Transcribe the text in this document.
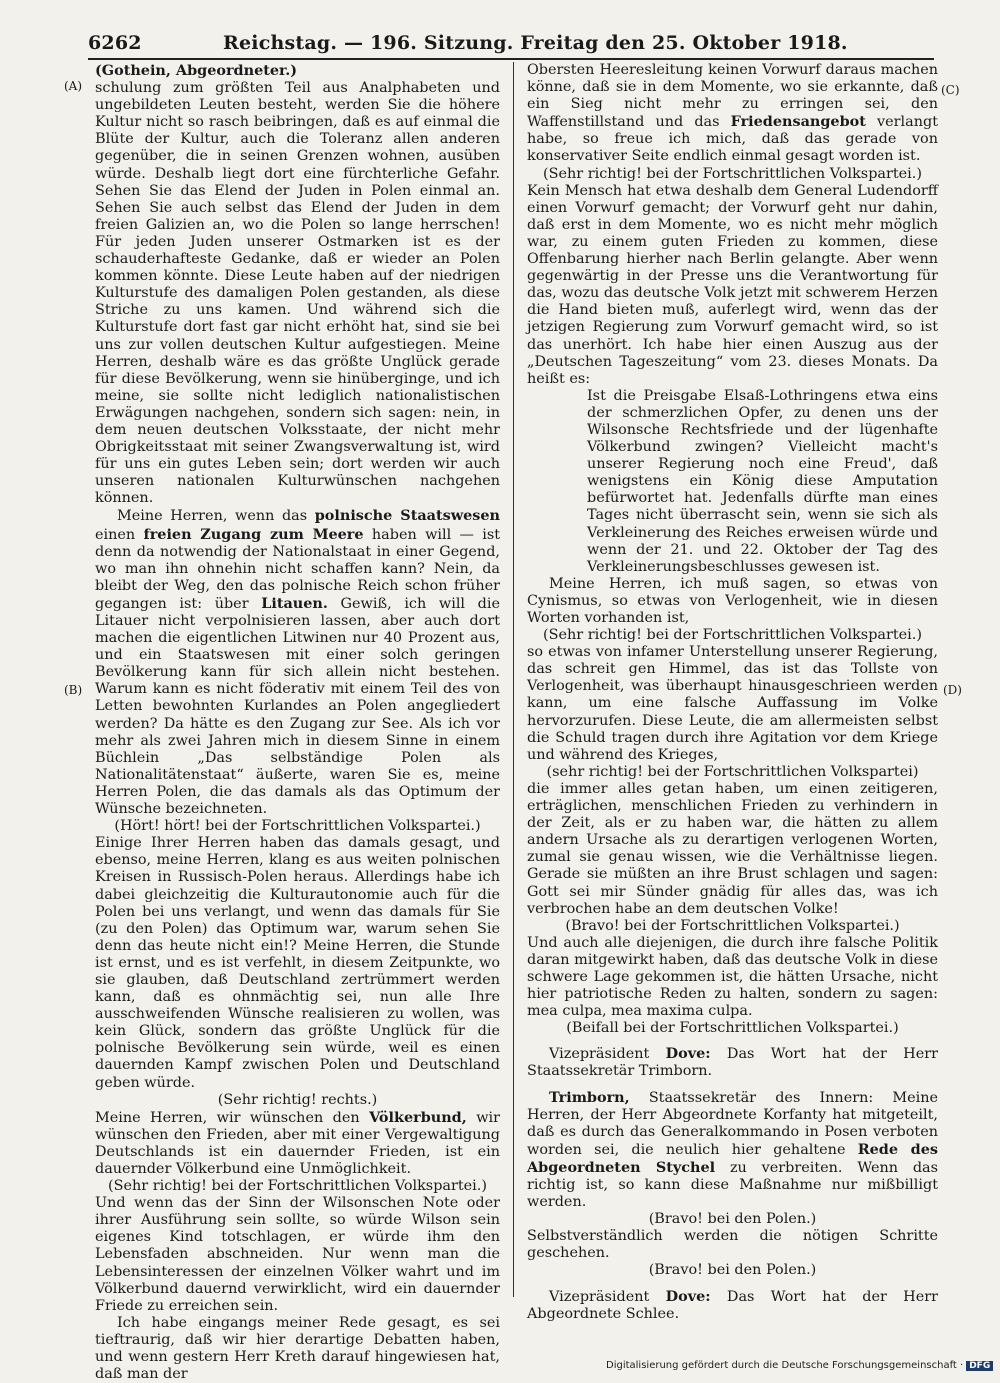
6262	Reichstag. — 196. Sitzung. Freitag den 25. Oktober 1918.
(A)
(B)
(C)
(D)

(Gothein, Abgeordneter.)

schulung zum größten Teil aus Analphabeten und ungebildeten Leuten besteht, werden Sie die höhere Kultur nicht so rasch beibringen, daß es auf einmal die Blüte der Kultur, auch die Toleranz allen anderen gegenüber, die in seinen Grenzen wohnen, ausüben würde. Deshalb liegt dort eine fürchterliche Gefahr. Sehen Sie das Elend der Juden in Polen einmal an. Sehen Sie auch selbst das Elend der Juden in dem freien Galizien an, wo die Polen so lange herrschen! Für jeden Juden unserer Ostmarken ist es der schauderhafteste Gedanke, daß er wieder an Polen kommen könnte. Diese Leute haben auf der niedrigen Kulturstufe des damaligen Polen gestanden, als diese Striche zu uns kamen. Und während sich die Kulturstufe dort fast gar nicht erhöht hat, sind sie bei uns zur vollen deutschen Kultur aufgestiegen. Meine Herren, deshalb wäre es das größte Unglück gerade für diese Bevölkerung, wenn sie hinüberginge, und ich meine, sie sollte nicht lediglich nationalistischen Erwägungen nachgehen, sondern sich sagen: nein, in dem neuen deutschen Volksstaate, der nicht mehr Obrigkeitsstaat mit seiner Zwangsverwaltung ist, wird für uns ein gutes Leben sein; dort werden wir auch unseren nationalen Kulturwünschen nachgehen können.

Meine Herren, wenn das polnische Staatswesen einen freien Zugang zum Meere haben will — ist denn da notwendig der Nationalstaat in einer Gegend, wo man ihn ohnehin nicht schaffen kann? Nein, da bleibt der Weg, den das polnische Reich schon früher gegangen ist: über Litauen. Gewiß, ich will die Litauer nicht verpolnisieren lassen, aber auch dort machen die eigentlichen Litwinen nur 40 Prozent aus, und ein Staatswesen mit einer solch geringen Bevölkerung kann für sich allein nicht bestehen. Warum kann es nicht föderativ mit einem Teil des von Letten bewohnten Kurlandes an Polen angegliedert werden? Da hätte es den Zugang zur See. Als ich vor mehr als zwei Jahren mich in diesem Sinne in einem Büchlein „Das selbständige Polen als Nationalitätenstaat“ äußerte, waren Sie es, meine Herren Polen, die das damals als das Optimum der Wünsche bezeichneten.

(Hört! hört! bei der Fortschrittlichen Volkspartei.)

Einige Ihrer Herren haben das damals gesagt, und ebenso, meine Herren, klang es aus weiten polnischen Kreisen in Russisch-Polen heraus. Allerdings habe ich dabei gleichzeitig die Kulturautonomie auch für die Polen bei uns verlangt, und wenn das damals für Sie (zu den Polen) das Optimum war, warum sehen Sie denn das heute nicht ein!? Meine Herren, die Stunde ist ernst, und es ist verfehlt, in diesem Zeitpunkte, wo sie glauben, daß Deutschland zertrümmert werden kann, daß es ohnmächtig sei, nun alle Ihre ausschweifenden Wünsche realisieren zu wollen, was kein Glück, sondern das größte Unglück für die polnische Bevölkerung sein würde, weil es einen dauernden Kampf zwischen Polen und Deutschland geben würde.

(Sehr richtig! rechts.)

Meine Herren, wir wünschen den Völkerbund, wir wünschen den Frieden, aber mit einer Vergewaltigung Deutschlands ist ein dauernder Frieden, ist ein dauernder Völkerbund eine Unmöglichkeit.

(Sehr richtig! bei der Fortschrittlichen Volkspartei.)

Und wenn das der Sinn der Wilsonschen Note oder ihrer Ausführung sein sollte, so würde Wilson sein eigenes Kind totschlagen, er würde ihm den Lebensfaden abschneiden. Nur wenn man die Lebensinteressen der einzelnen Völker wahrt und im Völkerbund dauernd verwirklicht, wird ein dauernder Friede zu erreichen sein.

Ich habe eingangs meiner Rede gesagt, es sei tieftraurig, daß wir hier derartige Debatten haben, und wenn gestern Herr Kreth darauf hingewiesen hat, daß man der

Obersten Heeresleitung keinen Vorwurf daraus machen könne, daß sie in dem Momente, wo sie erkannte, daß ein Sieg nicht mehr zu erringen sei, den Waffenstillstand und das Friedensangebot verlangt habe, so freue ich mich, daß das gerade von konservativer Seite endlich einmal gesagt worden ist.

(Sehr richtig! bei der Fortschrittlichen Volkspartei.)

Kein Mensch hat etwa deshalb dem General Ludendorff einen Vorwurf gemacht; der Vorwurf geht nur dahin, daß erst in dem Momente, wo es nicht mehr möglich war, zu einem guten Frieden zu kommen, diese Offenbarung hierher nach Berlin gelangte. Aber wenn gegenwärtig in der Presse uns die Verantwortung für das, wozu das deutsche Volk jetzt mit schwerem Herzen die Hand bieten muß, auferlegt wird, wenn das der jetzigen Regierung zum Vorwurf gemacht wird, so ist das unerhört. Ich habe hier einen Auszug aus der „Deutschen Tageszeitung“ vom 23. dieses Monats. Da heißt es:

Ist die Preisgabe Elsaß-Lothringens etwa eins der schmerzlichen Opfer, zu denen uns der Wilsonsche Rechtsfriede und der lügenhafte Völkerbund zwingen? Vielleicht macht's unserer Regierung noch eine Freud', daß wenigstens ein König diese Amputation befürwortet hat. Jedenfalls dürfte man eines Tages nicht überrascht sein, wenn sie sich als Verkleinerung des Reiches erweisen würde und wenn der 21. und 22. Oktober der Tag des Verkleinerungsbeschlusses gewesen ist.

Meine Herren, ich muß sagen, so etwas von Cynismus, so etwas von Verlogenheit, wie in diesen Worten vorhanden ist,

(Sehr richtig! bei der Fortschrittlichen Volkspartei.)

so etwas von infamer Unterstellung unserer Regierung, das schreit gen Himmel, das ist das Tollste von Verlogenheit, was überhaupt hinausgeschrieen werden kann, um eine falsche Auffassung im Volke hervorzurufen. Diese Leute, die am allermeisten selbst die Schuld tragen durch ihre Agitation vor dem Kriege und während des Krieges,

(sehr richtig! bei der Fortschrittlichen Volkspartei)

die immer alles getan haben, um einen zeitigeren, erträglichen, menschlichen Frieden zu verhindern in der Zeit, als er zu haben war, die hätten zu allem andern Ursache als zu derartigen verlogenen Worten, zumal sie genau wissen, wie die Verhältnisse liegen. Gerade sie müßten an ihre Brust schlagen und sagen: Gott sei mir Sünder gnädig für alles das, was ich verbrochen habe an dem deutschen Volke!

(Bravo! bei der Fortschrittlichen Volkspartei.)

Und auch alle diejenigen, die durch ihre falsche Politik daran mitgewirkt haben, daß das deutsche Volk in diese schwere Lage gekommen ist, die hätten Ursache, nicht hier patriotische Reden zu halten, sondern zu sagen: mea culpa, mea maxima culpa.

(Beifall bei der Fortschrittlichen Volkspartei.)

Vizepräsident Dove: Das Wort hat der Herr Staatssekretär Trimborn.

Trimborn, Staatssekretär des Innern: Meine Herren, der Herr Abgeordnete Korfanty hat mitgeteilt, daß es durch das Generalkommando in Posen verboten worden sei, die neulich hier gehaltene Rede des Abgeordneten Stychel zu verbreiten. Wenn das richtig ist, so kann diese Maßnahme nur mißbilligt werden.

(Bravo! bei den Polen.)

Selbstverständlich werden die nötigen Schritte geschehen.

(Bravo! bei den Polen.)

Vizepräsident Dove: Das Wort hat der Herr Abgeordnete Schlee.

Digitalisierung gefördert durch die Deutsche Forschungsgemeinschaft · DFG
